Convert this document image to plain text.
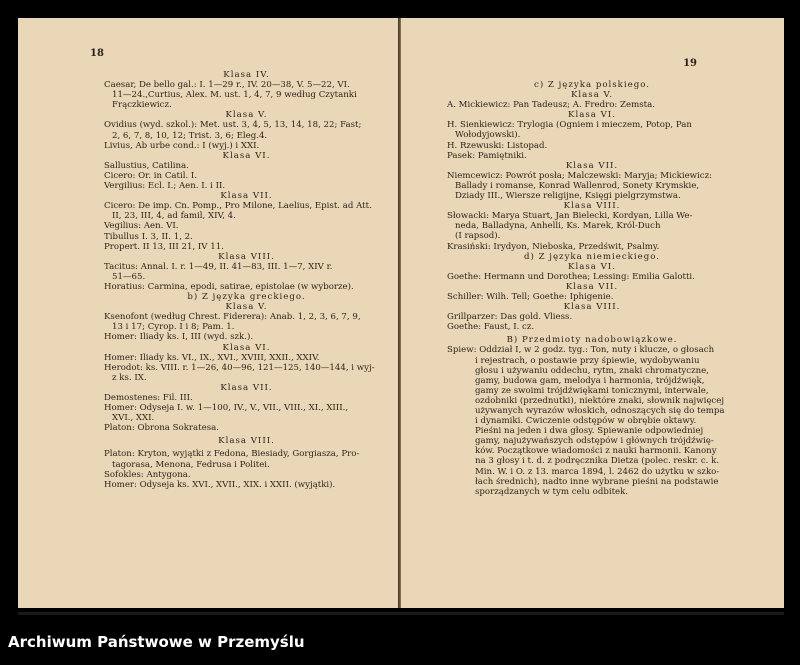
18
Klasa IV.
Caesar, De bello gal.: I. 1—29 r., IV. 20—38, V. 5—22, VI.
11—24.,Curtius, Alex. M. ust. 1, 4, 7, 9 według Czytanki
Frączkiewicz.
Klasa V.
Ovidius (wyd. szkol.): Met. ust. 3, 4, 5, 13, 14, 18, 22; Fast;
2, 6, 7, 8, 10, 12; Trist. 3, 6; Eleg.4.
Livius, Ab urbe cond.: I (wyj.) i XXI.
Klasa VI.
Sallustius, Catilina.
Cicero: Or. in Catil. I.
Vergilius: Ecl. I.; Aen. I. i II.
Klasa VII.
Cicero: De imp. Cn. Pomp., Pro Milone, Laelius, Epist. ad Att.
II, 23, III, 4, ad famil, XIV, 4.
Vegilius: Aen. VI.
Tibullus I. 3, II. 1, 2.
Propert. II 13, III 21, IV 11.
Klasa VIII.
Tacitus: Annal. I. r. 1—49, II. 41—83, III. 1—7, XIV r.
51—65.
Horatius: Carmina, epodi, satirae, epistolae (w wyborze).
b) Z języka greckiego.
Klasa V.
Ksenofont (według Chrest. Fiderera): Anab. 1, 2, 3, 6, 7, 9,
13 i 17; Cyrop. I i 8; Pam. 1.
Homer: Iliady ks. I, III (wyd. szk.).
Klasa VI.
Homer: Iliady ks. VI., IX., XVI., XVIII, XXII., XXIV.
Herodot: ks. VIII. r. 1—26, 40—96, 121—125, 140—144, i wyj-
z ks. IX.
Klasa VII.
Demostenes: Fil. III.
Homer: Odyseja I. w. 1—100, IV., V., VII., VIII., XI., XIII.,
XVI., XXI.
Platon: Obrona Sokratesa.
Klasa VIII.
Platon: Kryton, wyjątki z Fedona, Biesiady, Gorgiasza, Pro-
tagorasa, Menona, Fedrusa i Politei.
Sofokles: Antygona.
Homer: Odyseja ks. XVI., XVII., XIX. i XXII. (wyjątki).
19
c) Z języka polskiego.
Klasa V.
A. Mickiewicz: Pan Tadeusz; A. Fredro: Zemsta.
Klasa VI.
H. Sienkiewicz: Trylogia (Ogniem i mieczem, Potop, Pan
Wołodyjowski).
H. Rzewuski: Listopad.
Pasek: Pamiętniki.
Klasa VII.
Niemcewicz: Powrót posła; Malczewski: Maryja; Mickiewicz:
Ballady i romanse, Konrad Wallenrod, Sonety Krymskie,
Dziady III., Wiersze religijne, Księgi pielgrzymstwa.
Klasa VIII.
Słowacki: Marya Stuart, Jan Bielecki, Kordyan, Lilla We-
neda, Balladyna, Anhelli, Ks. Marek, Król-Duch
(I rapsod).
Krasiński: Irydyon, Nieboska, Przedświt, Psalmy.
d) Z języka niemieckiego.
Klasa VI.
Goethe: Hermann und Dorothea; Lessing: Emilia Galotti.
Klasa VII.
Schiller: Wilh. Tell; Goethe: Iphigenie.
Klasa VIII.
Grillparzer: Das gold. Vliess.
Goethe: Faust, I. cz.
B) Przedmioty nadobowiązkowe.
Śpiew: Oddział I, w 2 godz. tyg.: Ton, nuty i klucze, o głosach
i rejestrach, o postawie przy śpiewie, wydobywaniu
głosu i używaniu oddechu, rytm, znaki chromatyczne,
gamy, budowa gam, melodya i harmonia, trójdźwięk,
gamy ze swoimi trójdźwiękami tonicznymi, interwale,
ozdobniki (przednutki), niektóre znaki, słownik najwięcej
używanych wyrazów włoskich, odnoszących się do tempa
i dynamiki. Ćwiczenie odstępów w obrębie oktawy.
Pieśni na jeden i dwa głosy. Śpiewanie odpowiedniej
gamy, najużywańszych odstępów i głównych trójdźwię-
ków. Początkowe wiadomości z nauki harmonii. Kanony
na 3 głosy i t. d. z podręcznika Dietza (polec. reskr. c. k.
Min. W. i O. z 13. marca 1894, l. 2462 do użytku w szko-
łach średnich), nadto inne wybrane pieśni na podstawie
sporządzanych w tym celu odbitek.
Archiwum Państwowe w Przemyślu
